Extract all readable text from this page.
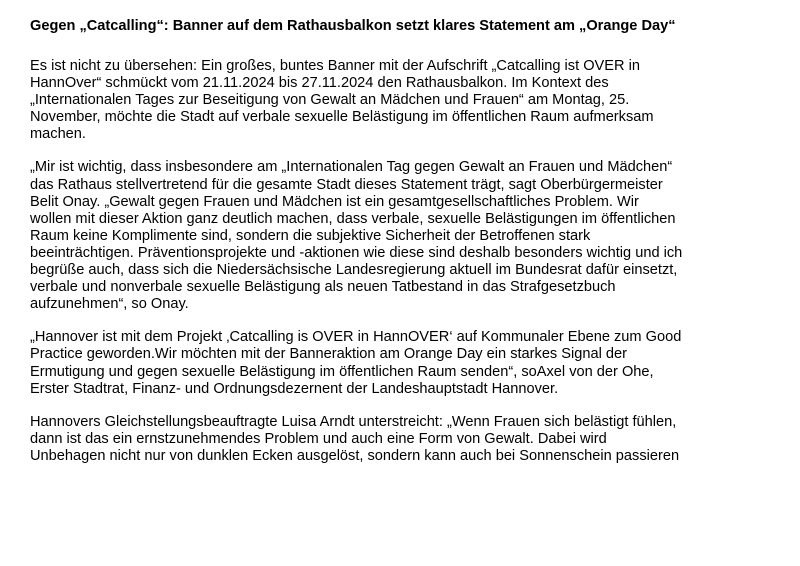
Gegen „Catcalling“: Banner auf dem Rathausbalkon setzt klares Statement am „Orange Day“
Es ist nicht zu übersehen: Ein großes, buntes Banner mit der Aufschrift „Catcalling ist OVER in
HannOver“ schmückt vom 21.11.2024 bis 27.11.2024 den Rathausbalkon. Im Kontext des
„Internationalen Tages zur Beseitigung von Gewalt an Mädchen und Frauen“ am Montag, 25.
November, möchte die Stadt auf verbale sexuelle Belästigung im öffentlichen Raum aufmerksam
machen.
„Mir ist wichtig, dass insbesondere am „Internationalen Tag gegen Gewalt an Frauen und Mädchen“
das Rathaus stellvertretend für die gesamte Stadt dieses Statement trägt, sagt Oberbürgermeister
Belit Onay. „Gewalt gegen Frauen und Mädchen ist ein gesamtgesellschaftliches Problem. Wir
wollen mit dieser Aktion ganz deutlich machen, dass verbale, sexuelle Belästigungen im öffentlichen
Raum keine Komplimente sind, sondern die subjektive Sicherheit der Betroffenen stark
beeinträchtigen. Präventionsprojekte und -aktionen wie diese sind deshalb besonders wichtig und ich
begrüße auch, dass sich die Niedersächsische Landesregierung aktuell im Bundesrat dafür einsetzt,
verbale und nonverbale sexuelle Belästigung als neuen Tatbestand in das Strafgesetzbuch
aufzunehmen“, so Onay.
„Hannover ist mit dem Projekt ‚Catcalling is OVER in HannOVER‘ auf Kommunaler Ebene zum Good
Practice geworden.Wir möchten mit der Banneraktion am Orange Day ein starkes Signal der
Ermutigung und gegen sexuelle Belästigung im öffentlichen Raum senden“, soAxel von der Ohe,
Erster Stadtrat, Finanz- und Ordnungsdezernent der Landeshauptstadt Hannover.
Hannovers Gleichstellungsbeauftragte Luisa Arndt unterstreicht: „Wenn Frauen sich belästigt fühlen,
dann ist das ein ernstzunehmendes Problem und auch eine Form von Gewalt. Dabei wird
Unbehagen nicht nur von dunklen Ecken ausgelöst, sondern kann auch bei Sonnenschein passieren
